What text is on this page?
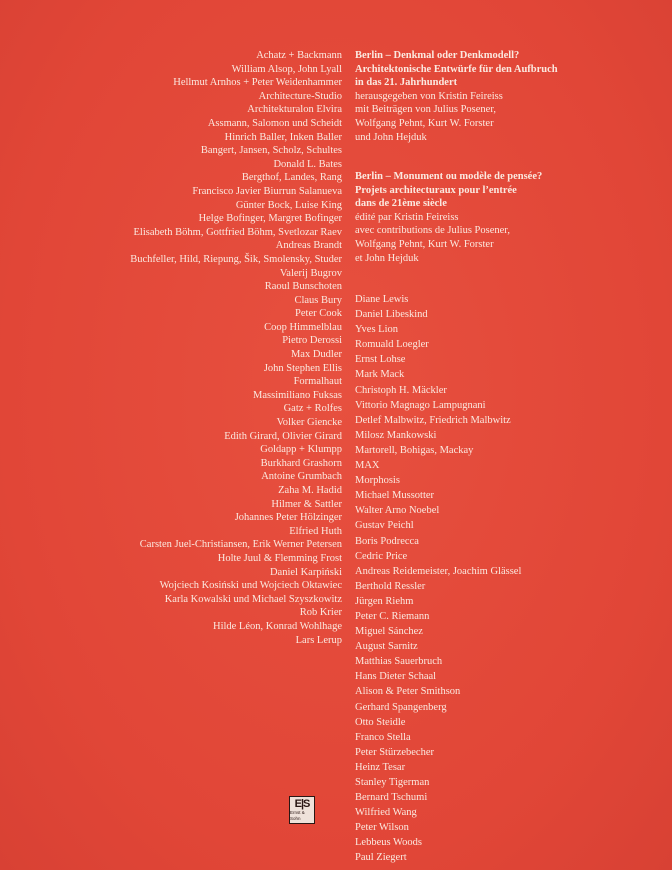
Achatz + Backmann
William Alsop, John Lyall
Hellmut Arnhos + Peter Weidenhammer
Architecture-Studio
Architekturalon Elvira
Assmann, Salomon und Scheidt
Hinrich Baller, Inken Baller
Bangert, Jansen, Scholz, Schultes
Donald L. Bates
Bergthof, Landes, Rang
Francisco Javier Biurrun Salanueva
Günter Bock, Luise King
Helge Bofinger, Margret Bofinger
Elisabeth Böhm, Gottfried Böhm, Svetlozar Raev
Andreas Brandt
Buchfeller, Hild, Riepung, Šik, Smolensky, Studer
Valerij Bugrov
Raoul Bunschoten
Claus Bury
Peter Cook
Coop Himmelblau
Pietro Derossi
Max Dudler
John Stephen Ellis
Formalhaut
Massimiliano Fuksas
Gatz + Rolfes
Volker Giencke
Edith Girard, Olivier Girard
Goldapp + Klumpp
Burkhard Grashorn
Antoine Grumbach
Zaha M. Hadid
Hilmer & Sattler
Johannes Peter Hölzinger
Elfried Huth
Carsten Juel-Christiansen, Erik Werner Petersen
Holte Juul & Flemming Frost
Daniel Karpiński
Wojciech Kosiński und Wojciech Oktawiec
Karla Kowalski und Michael Szyszkowitz
Rob Krier
Hilde Léon, Konrad Wohlhage
Lars Lerup
Berlin – Denkmal oder Denkmodell?
Architektonische Entwürfe für den Aufbruch
in das 21. Jahrhundert
herausgegeben von Kristin Feireiss
mit Beiträgen von Julius Posener,
Wolfgang Pehnt, Kurt W. Forster
und John Hejduk
Berlin – Monument ou modèle de pensée?
Projets architecturaux pour l’entrée
dans de 21ème siècle
édité par Kristin Feireiss
avec contributions de Julius Posener,
Wolfgang Pehnt, Kurt W. Forster
et John Hejduk
Diane Lewis
Daniel Libeskind
Yves Lion
Romuald Loegler
Ernst Lohse
Mark Mack
Christoph H. Mäckler
Vittorio Magnago Lampugnani
Detlef Malbwitz, Friedrich Malbwitz
Milosz Mankowski
Martorell, Bohigas, Mackay
MAX
Morphosis
Michael Mussotter
Walter Arno Noebel
Gustav Peichl
Boris Podrecca
Cedric Price
Andreas Reidemeister, Joachim Glässel
Berthold Ressler
Jürgen Riehm
Peter C. Riemann
Miguel Sánchez
August Sarnitz
Matthias Sauerbruch
Hans Dieter Schaal
Alison & Peter Smithson
Gerhard Spangenberg
Otto Steidle
Franco Stella
Peter Stürzebecher
Heinz Tesar
Stanley Tigerman
Bernard Tschumi
Wilfried Wang
Peter Wilson
Lebbeus Woods
Paul Ziegert
E|S
Ernst & Sohn
